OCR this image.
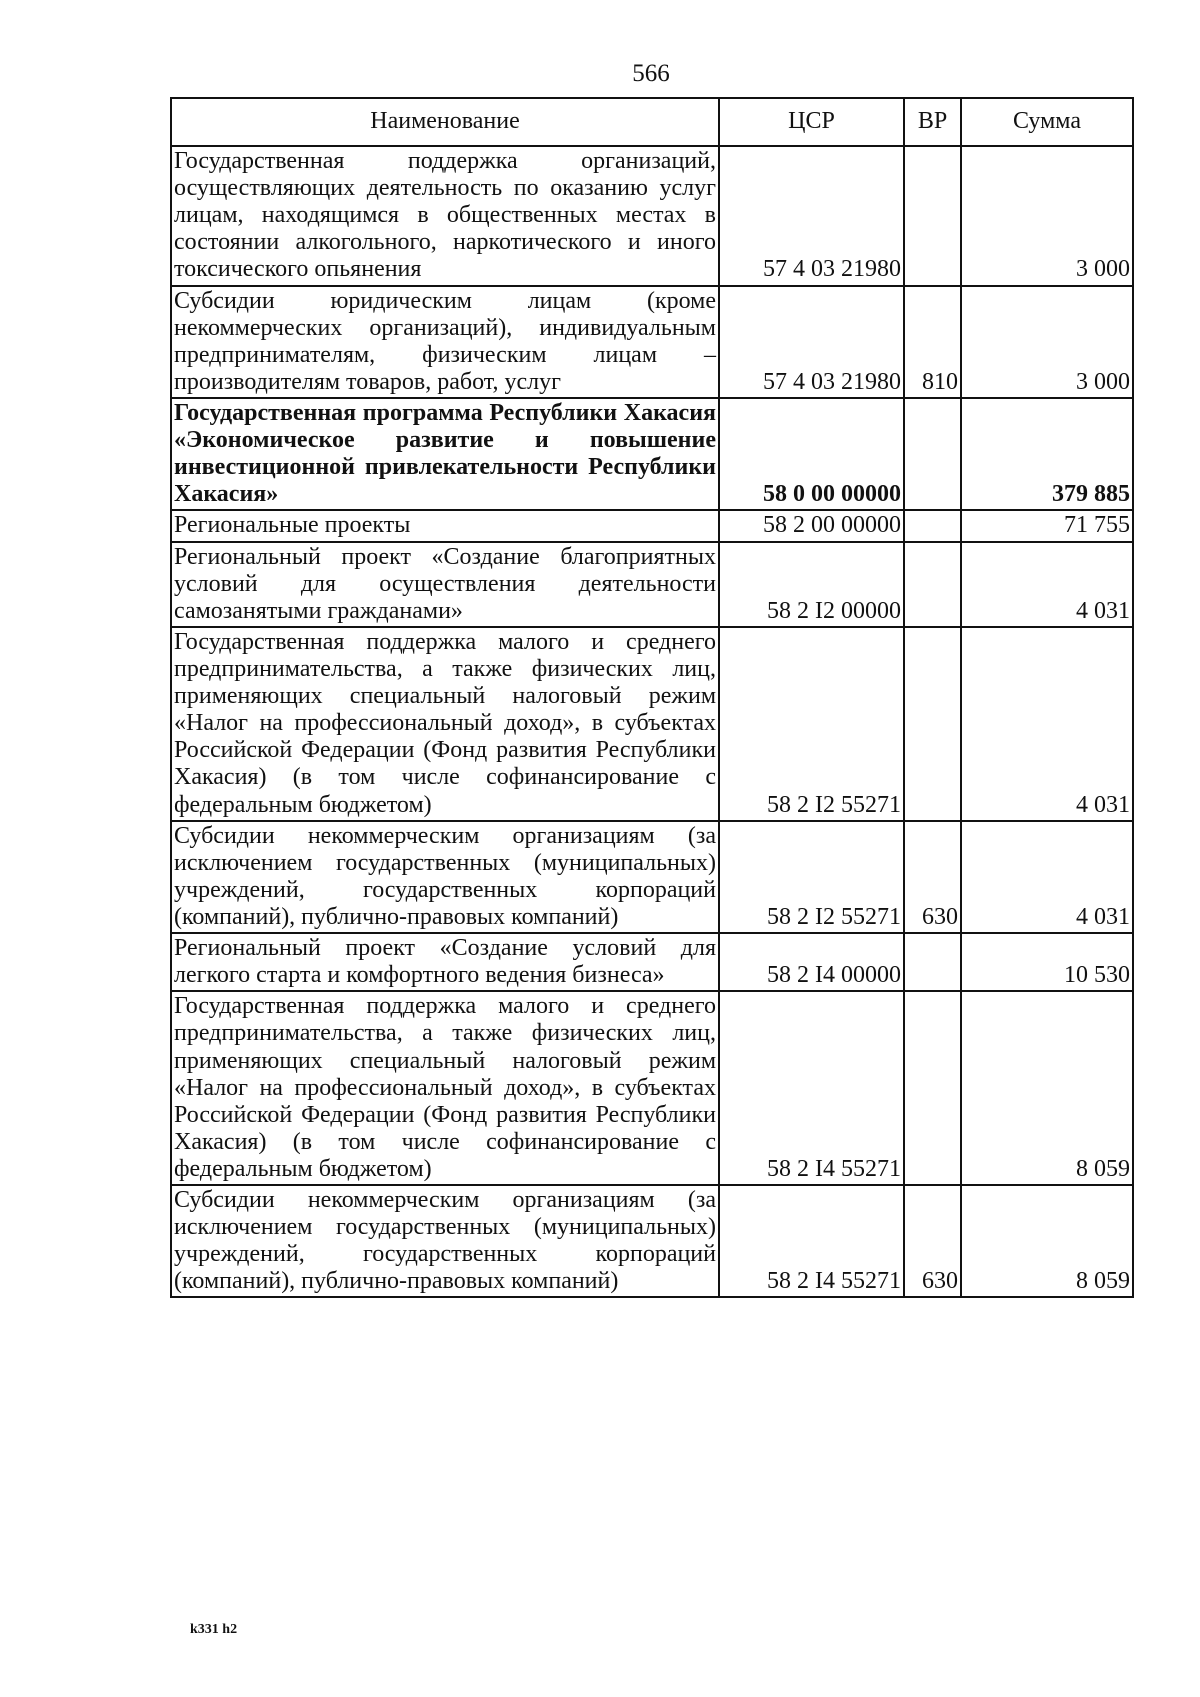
566
Наименование	ЦСР	ВР	Сумма
Государственная поддержка организаций, осуществляющих деятельность по оказанию услуг лицам, находящимся в общественных местах в состоянии алкогольного, наркотического и иного токсического опьянения	57 4 03 21980		3 000
Субсидии юридическим лицам (кроме некоммерческих организаций), индивидуальным предпринимателям, физическим лицам – производителям товаров, работ, услуг	57 4 03 21980	810	3 000
Государственная программа Республики Хакасия «Экономическое развитие и повышение инвестиционной привлекательности Республики Хакасия»	58 0 00 00000		379 885
Региональные проекты	58 2 00 00000		71 755
Региональный проект «Создание благоприятных условий для осуществления деятельности самозанятыми гражданами»	58 2 I2 00000		4 031
Государственная поддержка малого и среднего предпринимательства, а также физических лиц, применяющих специальный налоговый режим «Налог на профессиональный доход», в субъектах Российской Федерации (Фонд развития Республики Хакасия) (в том числе софинансирование с федеральным бюджетом)	58 2 I2 55271		4 031
Субсидии некоммерческим организациям (за исключением государственных (муниципальных) учреждений, государственных корпораций (компаний), публично-правовых компаний)	58 2 I2 55271	630	4 031
Региональный проект «Создание условий для легкого старта и комфортного ведения бизнеса»	58 2 I4 00000		10 530
Государственная поддержка малого и среднего предпринимательства, а также физических лиц, применяющих специальный налоговый режим «Налог на профессиональный доход», в субъектах Российской Федерации (Фонд развития Республики Хакасия) (в том числе софинансирование с федеральным бюджетом)	58 2 I4 55271		8 059
Субсидии некоммерческим организациям (за исключением государственных (муниципальных) учреждений, государственных корпораций (компаний), публично-правовых компаний)	58 2 I4 55271	630	8 059
k331 h2
